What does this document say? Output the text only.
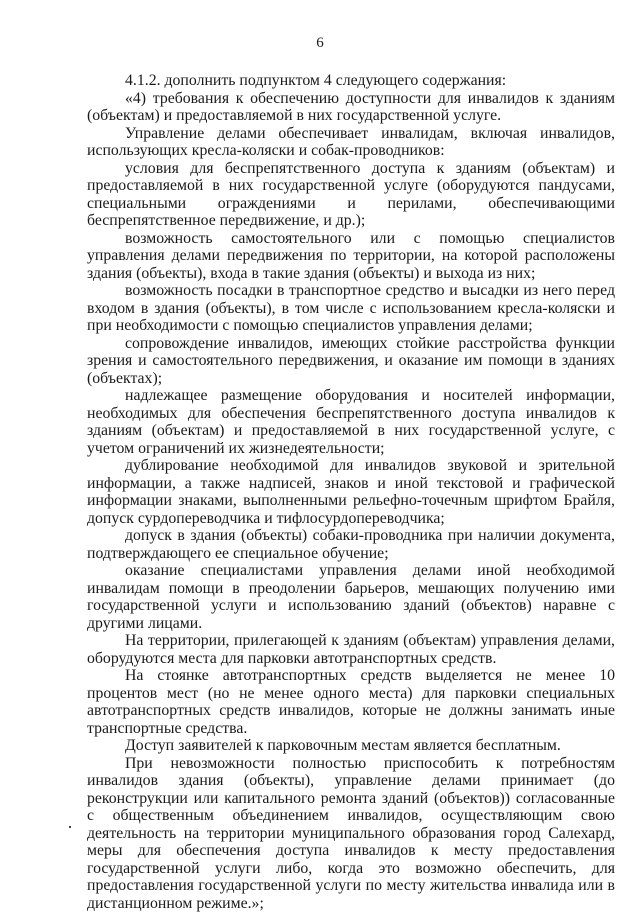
6

4.1.2. дополнить подпунктом 4 следующего содержания:

«4) требования к обеспечению доступности для инвалидов к зданиям (объектам) и предоставляемой в них государственной услуге.

Управление делами обеспечивает инвалидам, включая инвалидов, использующих кресла-коляски и собак-проводников:

условия для беспрепятственного доступа к зданиям (объектам) и предоставляемой в них государственной услуге (оборудуются пандусами, специальными ограждениями и перилами, обеспечивающими беспрепятственное передвижение, и др.);

возможность самостоятельного или с помощью специалистов управления делами передвижения по территории, на которой расположены здания (объекты), входа в такие здания (объекты) и выхода из них;

возможность посадки в транспортное средство и высадки из него перед входом в здания (объекты), в том числе с использованием кресла-коляски и при необходимости с помощью специалистов управления делами;

сопровождение инвалидов, имеющих стойкие расстройства функции зрения и самостоятельного передвижения, и оказание им помощи в зданиях (объектах);

надлежащее размещение оборудования и носителей информации, необходимых для обеспечения беспрепятственного доступа инвалидов к зданиям (объектам) и предоставляемой в них государственной услуге, с учетом ограничений их жизнедеятельности;

дублирование необходимой для инвалидов звуковой и зрительной информации, а также надписей, знаков и иной текстовой и графической информации знаками, выполненными рельефно-точечным шрифтом Брайля, допуск сурдопереводчика и тифлосурдопереводчика;

допуск в здания (объекты) собаки-проводника при наличии документа, подтверждающего ее специальное обучение;

оказание специалистами управления делами иной необходимой инвалидам помощи в преодолении барьеров, мешающих получению ими государственной услуги и использованию зданий (объектов) наравне с другими лицами.

На территории, прилегающей к зданиям (объектам) управления делами, оборудуются места для парковки автотранспортных средств.

На стоянке автотранспортных средств выделяется не менее 10 процентов мест (но не менее одного места) для парковки специальных автотранспортных средств инвалидов, которые не должны занимать иные транспортные средства.

Доступ заявителей к парковочным местам является бесплатным.

При невозможности полностью приспособить к потребностям инвалидов здания (объекты), управление делами принимает (до реконструкции или капитального ремонта зданий (объектов)) согласованные с общественным объединением инвалидов, осуществляющим свою деятельность на территории муниципального образования город Салехард, меры для обеспечения доступа инвалидов к месту предоставления государственной услуги либо, когда это возможно обеспечить, для предоставления государственной услуги по месту жительства инвалида или в дистанционном режиме.»;
